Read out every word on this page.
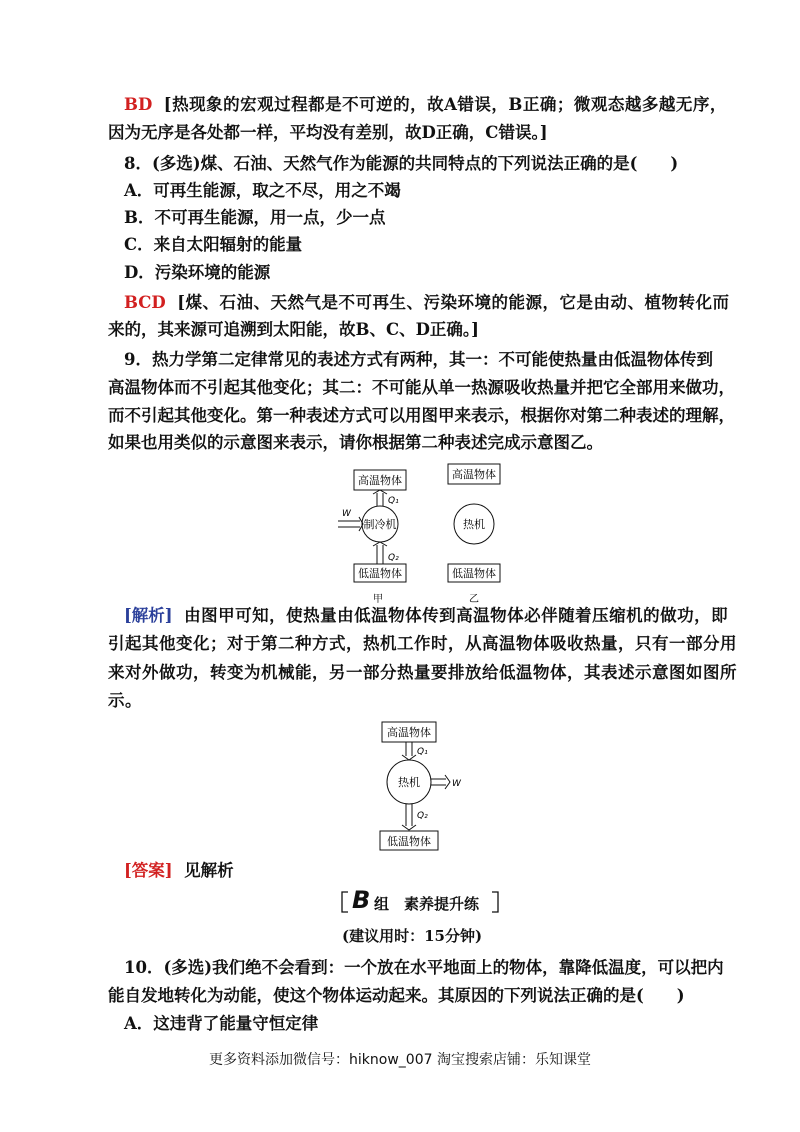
BD [热现象的宏观过程都是不可逆的，故A错误，B正确；微观态越多越无序，
因为无序是各处都一样，平均没有差别，故D正确，C错误。]
8．(多选)煤、石油、天然气作为能源的共同特点的下列说法正确的是(　　)
A．可再生能源，取之不尽，用之不竭
B．不可再生能源，用一点，少一点
C．来自太阳辐射的能量
D．污染环境的能源
BCD [煤、石油、天然气是不可再生、污染环境的能源，它是由动、植物转化而
来的，其来源可追溯到太阳能，故B、C、D正确。]
9．热力学第二定律常见的表述方式有两种，其一：不可能使热量由低温物体传到
高温物体而不引起其他变化；其二：不可能从单一热源吸收热量并把它全部用来做功，
而不引起其他变化。第一种表述方式可以用图甲来表示，根据你对第二种表述的理解，
如果也用类似的示意图来表示，请你根据第二种表述完成示意图乙。
高温物体
Q₁
制冷机
W
Q₂
低温物体
甲
高温物体
热机
低温物体
乙
[解析] 由图甲可知，使热量由低温物体传到高温物体必伴随着压缩机的做功，即
引起其他变化；对于第二种方式，热机工作时，从高温物体吸收热量，只有一部分用
来对外做功，转变为机械能，另一部分热量要排放给低温物体，其表述示意图如图所
示。
高温物体
Q₁
热机	W
Q₂
低温物体
[答案] 见解析
B 组　素养提升练
(建议用时：15分钟)
10．(多选)我们绝不会看到：一个放在水平地面上的物体，靠降低温度，可以把内
能自发地转化为动能，使这个物体运动起来。其原因的下列说法正确的是(　　)
A．这违背了能量守恒定律
更多资料添加微信号：hiknow_007 淘宝搜索店铺：乐知课堂
